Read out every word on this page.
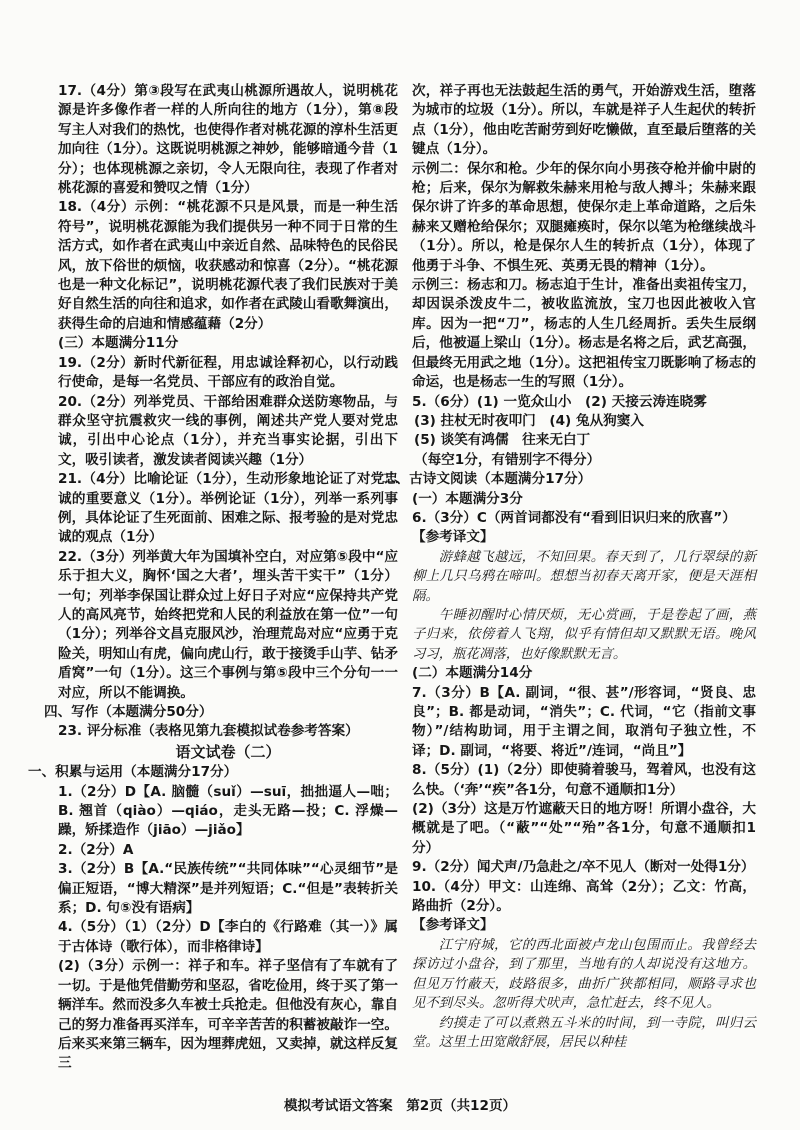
17.（4分）第③段写在武夷山桃源所遇故人，说明桃花源是许多像作者一样的人所向往的地方（1分），第⑧段写主人对我们的热忱，也使得作者对桃花源的淳朴生活更加向往（1分）。这既说明桃源之神妙，能够暗通今昔（1分）；也体现桃源之亲切，令人无限向往，表现了作者对桃花源的喜爱和赞叹之情（1分）

18.（4分）示例：“桃花源不只是风景，而是一种生活符号”，说明桃花源能为我们提供另一种不同于日常的生活方式，如作者在武夷山中亲近自然、品味特色的民俗民风，放下俗世的烦恼，收获感动和惊喜（2分）。“桃花源也是一种文化标记”，说明桃花源代表了我们民族对于美好自然生活的向往和追求，如作者在武陵山看歌舞演出，获得生命的启迪和情感蕴藉（2分）

(三）本题满分11分

19.（2分）新时代新征程，用忠诚诠释初心，以行动践行使命，是每一名党员、干部应有的政治自觉。

20.（2分）列举党员、干部给困难群众送防寒物品，与群众坚守抗震救灾一线的事例，阐述共产党人要对党忠诚，引出中心论点（1分），并充当事实论据，引出下文，吸引读者，激发读者阅读兴趣（1分）

21.（4分）比喻论证（1分），生动形象地论证了对党忠诚的重要意义（1分）。举例论证（1分），列举一系列事例，具体论证了生死面前、困难之际、报考验的是对党忠诚的观点（1分）

22.（3分）列举黄大年为国填补空白，对应第⑤段中“应乐于担大义，胸怀‘国之大者’，埋头苦干实干”（1分）一句；列举李保国让群众过上好日子对应“应保持共产党人的高风亮节，始终把党和人民的利益放在第一位”一句（1分）；列举谷文昌克服风沙，治理荒岛对应“应勇于克险关，明知山有虎，偏向虎山行，敢于接烫手山芋、钻矛盾窝”一句（1分）。这三个事例与第⑤段中三个分句一一对应，所以不能调换。

四、写作（本题满分50分）

23. 评分标准（表格见第九套模拟试卷参考答案）

语文试卷（二）

一、积累与运用（本题满分17分）

1.（2分）D【A. 脑髓（suǐ）—suī，拙拙逼人—咄；B. 翘首（qiào）—qiáo，走头无路—投；C. 浮燥—躁，矫揉造作（jiāo）—jiǎo】

2.（2分）A

3.（2分）B【A.“民族传统”“共同体味”“心灵细节”是偏正短语，“博大精深”是并列短语；C.“但是”表转折关系；D. 句⑤没有语病】

4.（5分）（1）（2分）D【李白的《行路难（其一）》属于古体诗（歌行体），而非格律诗】

(2)（3分）示例一：祥子和车。祥子坚信有了车就有了一切。于是他凭借勤劳和坚忍，省吃俭用，终于买了第一辆洋车。然而没多久车被士兵抢走。但他没有灰心，靠自己的努力准备再买洋车，可辛辛苦苦的积蓄被敲诈一空。后来买来第三辆车，因为埋葬虎妞，又卖掉，就这样反复三

次，祥子再也无法鼓起生活的勇气，开始游戏生活，堕落为城市的垃圾（1分）。所以，车就是祥子人生起伏的转折点（1分），他由吃苦耐劳到好吃懒做，直至最后堕落的关键点（1分）。

示例二：保尔和枪。少年的保尔向小男孩夺枪并偷中尉的枪；后来，保尔为解救朱赫来用枪与敌人搏斗；朱赫来跟保尔讲了许多的革命思想，使保尔走上革命道路，之后朱赫来又赠枪给保尔；双腿瘫痪时，保尔以笔为枪继续战斗（1分）。所以，枪是保尔人生的转折点（1分），体现了他勇于斗争、不惧生死、英勇无畏的精神（1分）。

示例三：杨志和刀。杨志迫于生计，准备出卖祖传宝刀，却因误杀泼皮牛二，被收监流放，宝刀也因此被收入官库。因为一把“刀”，杨志的人生几经周折。丢失生辰纲后，他被逼上梁山（1分）。杨志是名将之后，武艺高强，但最终无用武之地（1分）。这把祖传宝刀既影响了杨志的命运，也是杨志一生的写照（1分）。

5.（6分）(1) 一览众山小　(2) 天接云涛连晓雾

(3) 拄杖无时夜叩门　(4) 兔从狗窦入

(5) 谈笑有鸿儒　往来无白丁

（每空1分，有错别字不得分）

二、古诗文阅读（本题满分17分）

(一）本题满分3分

6.（3分）C（两首词都没有“看到旧识归来的欣喜”）

【参考译文】

游蜂越飞越远，不知回果。春天到了，几行翠绿的新柳上几只乌鸦在啼叫。想想当初春天离开家，便是天涯相隔。

午睡初醒时心情厌烦，无心赏画，于是卷起了画，燕子归来，依傍着人飞翔，似乎有情但却又默默无语。晚风习习，瓶花凋落，也好像默默无言。

(二）本题满分14分

7.（3分）B【A. 副词，“很、甚”/形容词，“贤良、忠良”；B. 都是动词，“消失”；C. 代词，“它（指前文事物）”/结构助词，用于主谓之间，取消句子独立性，不译；D. 副词，“将要、将近”/连词，“尚且”】

8.（5分）(1)（2分）即使骑着骏马，驾着风，也没有这么快。（‘奔’“疾”各1分，句意不通顺扣1分）

(2)（3分）这是万竹遮蔽天日的地方呀！所谓小盘谷，大概就是了吧。（“蔽”“处”“殆”各1分，句意不通顺扣1分）

9.（2分）闻犬声/乃急赴之/卒不见人（断对一处得1分）

10.（4分）甲文：山连绵、高耸（2分）；乙文：竹高，路曲折（2分）。

【参考译文】

江宁府城，它的西北面被卢龙山包围而止。我曾经去探访过小盘谷，到了那里，当地有的人却说没有这地方。但见万竹蔽天，歧路很多，曲折广狭都相同，顺路寻求也见不到尽头。忽听得犬吠声，急忙赶去，终不见人。

约摸走了可以煮熟五斗米的时间，到一寺院，叫归云堂。这里土田宽敞舒展，居民以种桂

模拟考试语文答案　第2页（共12页）
